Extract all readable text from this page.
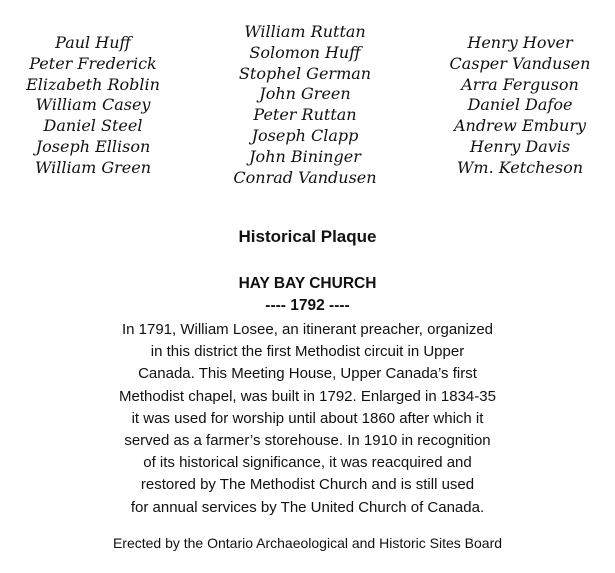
Paul Huff
Peter Frederick
Elizabeth Roblin
William Casey
Daniel Steel
Joseph Ellison
William Green
William Ruttan
Solomon Huff
Stophel German
John Green
Peter Ruttan
Joseph Clapp
John Bininger
Conrad Vandusen
Henry Hover
Casper Vandusen
Arra Ferguson
Daniel Dafoe
Andrew Embury
Henry Davis
Wm. Ketcheson
Historical Plaque
HAY BAY CHURCH
---- 1792 ----
In 1791, William Losee, an itinerant preacher, organized
in this district the first Methodist circuit in Upper
Canada. This Meeting House, Upper Canada’s first
Methodist chapel, was built in 1792. Enlarged in 1834-35
it was used for worship until about 1860 after which it
served as a farmer’s storehouse. In 1910 in recognition
of its historical significance, it was reacquired and
restored by The Methodist Church and is still used
for annual services by The United Church of Canada.
Erected by the Ontario Archaeological and Historic Sites Board
